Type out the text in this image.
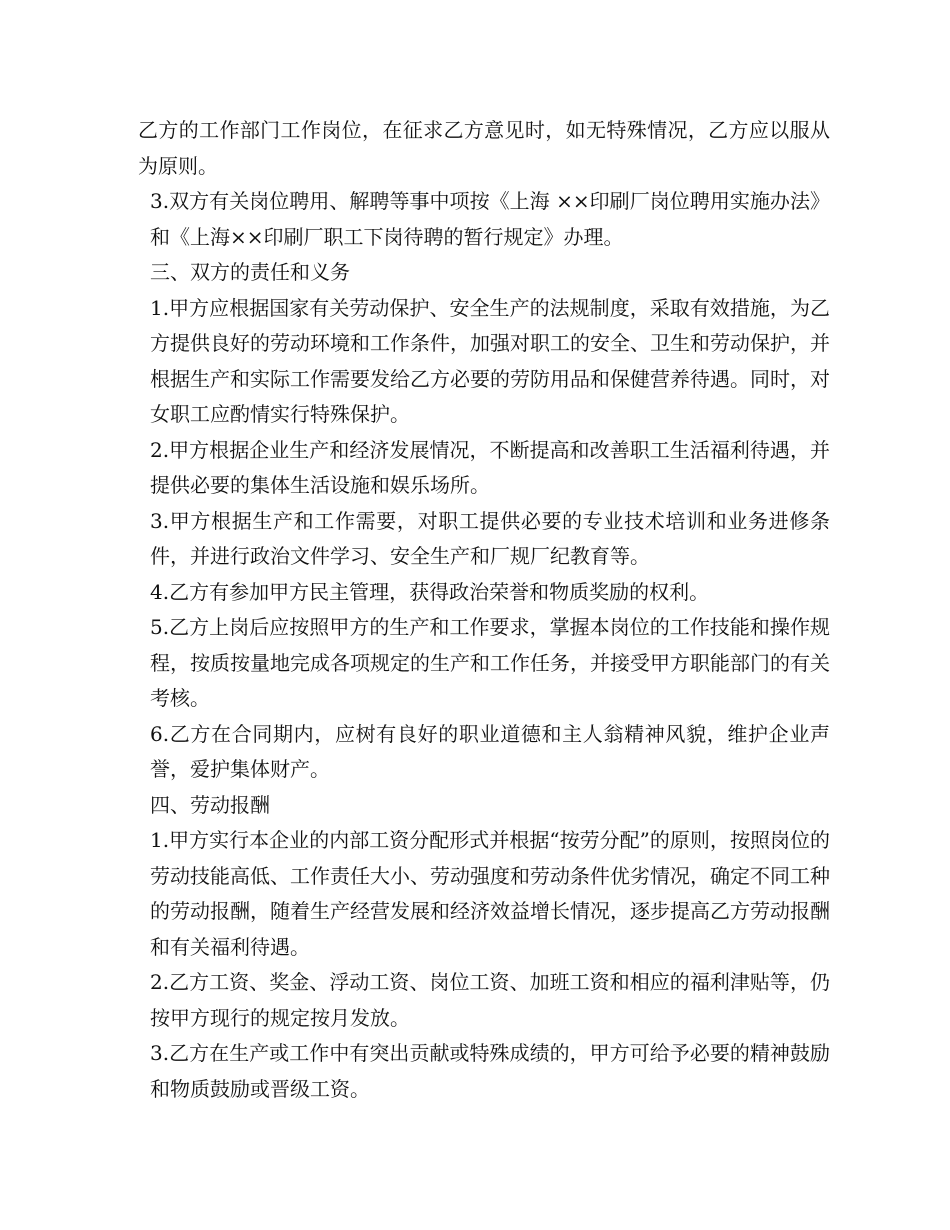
乙方的工作部门工作岗位，在征求乙方意见时，如无特殊情况，乙方应以服从为原则。

3.双方有关岗位聘用、解聘等事中项按《上海 ××印刷厂岗位聘用实施办法》和《上海××印刷厂职工下岗待聘的暂行规定》办理。

三、双方的责任和义务

1.甲方应根据国家有关劳动保护、安全生产的法规制度，采取有效措施，为乙方提供良好的劳动环境和工作条件，加强对职工的安全、卫生和劳动保护，并根据生产和实际工作需要发给乙方必要的劳防用品和保健营养待遇。同时，对女职工应酌情实行特殊保护。

2.甲方根据企业生产和经济发展情况，不断提高和改善职工生活福利待遇，并提供必要的集体生活设施和娱乐场所。

3.甲方根据生产和工作需要，对职工提供必要的专业技术培训和业务进修条件，并进行政治文件学习、安全生产和厂规厂纪教育等。

4.乙方有参加甲方民主管理，获得政治荣誉和物质奖励的权利。

5.乙方上岗后应按照甲方的生产和工作要求，掌握本岗位的工作技能和操作规程，按质按量地完成各项规定的生产和工作任务，并接受甲方职能部门的有关考核。

6.乙方在合同期内，应树有良好的职业道德和主人翁精神风貌，维护企业声誉，爱护集体财产。

四、劳动报酬

1.甲方实行本企业的内部工资分配形式并根据“按劳分配”的原则，按照岗位的劳动技能高低、工作责任大小、劳动强度和劳动条件优劣情况，确定不同工种的劳动报酬，随着生产经营发展和经济效益增长情况，逐步提高乙方劳动报酬和有关福利待遇。

2.乙方工资、奖金、浮动工资、岗位工资、加班工资和相应的福利津贴等，仍按甲方现行的规定按月发放。

3.乙方在生产或工作中有突出贡献或特殊成绩的，甲方可给予必要的精神鼓励和物质鼓励或晋级工资。
